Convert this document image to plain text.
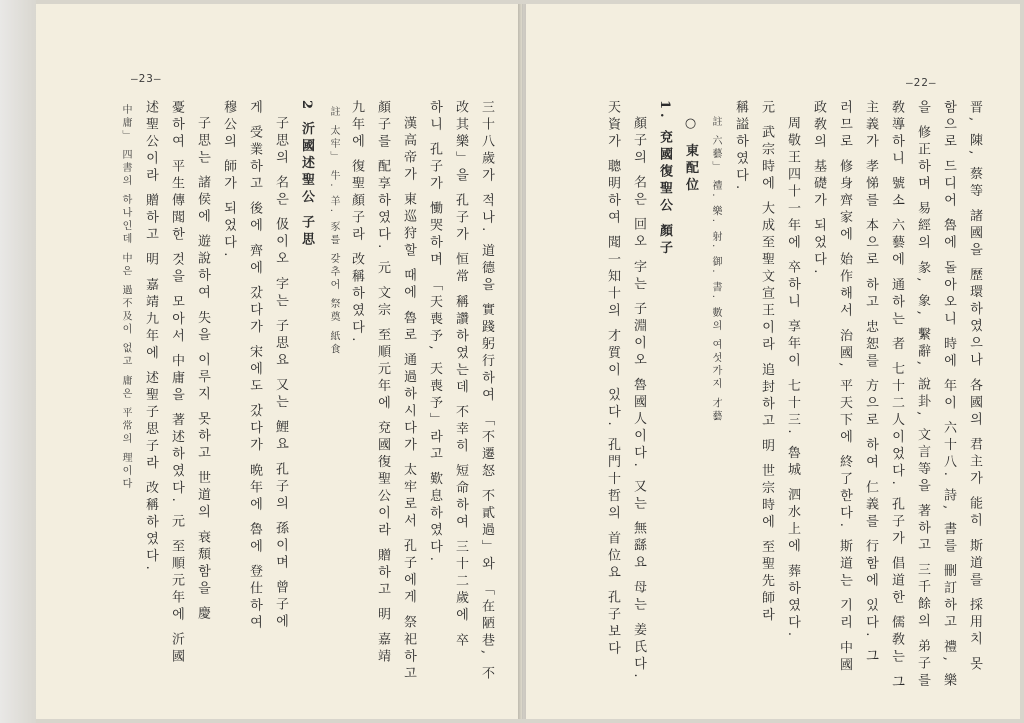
—23—
三十八歲가 적나. 道德을 實踐躬行하여 「不遷怒 不貳過」와 「在陋巷, 不
改其樂」을 孔子가 恒常 稱讚하였는데 不幸히 短命하여 三十二歲에 卒
하니 孔子가 慟哭하며 「天喪予, 天喪予」라고 歎息하였다.
漢高帝가 東巡狩할 때에 魯로 通過하시다가 太牢로서 孔子에게 祭祀하고
顏子를 配享하였다. 元 文宗 至順元年에 兗國復聖公이라 贈하고 明 嘉靖
九年에 復聖顏子라 改稱하였다.
註 太牢」 牛. 羊. 豕를 갖추어 祭奠 紙食
2 沂國述聖公 子思
子思의 名은 伋이오 字는 子思요 又는 鯉요 孔子의 孫이며 曾子에
게 受業하고 後에 齊에 갔다가 宋에도 갔다가 晩年에 魯에 登仕하여
穆公의 師가 되었다.
子思는 諸侯에 遊說하여 失을 이루지 못하고 世道의 衰頹함을 慶
憂하여 平生傳聞한 것을 모아서 中庸을 著述하였다. 元 至順元年에 沂國
述聖公이라 贈하고 明 嘉靖九年에 述聖子思子라 改稱하였다.
中庸」 四書의 하나인데 中은 過不及이 없고 庸은 平常의 理이다
—22—
晋, 陳, 蔡等 諸國을 歷環하였으나 各國의 君主가 能히 斯道를 採用치 못
함으로 드디어 魯에 돌아오니 時에 年이 六十八. 詩, 書를 刪訂하고 禮, 樂
을 修正하며 易經의 彖, 象, 繫辭, 說卦, 文言等을 著하고 三千餘의 弟子를
敎導하니 號소 六藝에 通하는 者 七十二人이었다. 孔子가 倡道한 儒敎는 그
主義가 孝悌를 本으로 하고 忠恕를 方으로 하여 仁義를 行함에 있다. 그
러므로 修身齊家에 始作해서 治國, 平天下에 終了한다. 斯道는 기리 中國
政敎의 基礎가 되었다.
周敬王四十一年에 卒하니 享年이 七十三. 魯城 泗水上에 葬하였다.
元 武宗時에 大成至聖文宣王이라 追封하고 明 世宗時에 至聖先師라
稱謚하였다.
註 六藝」 禮. 樂. 射. 御. 書. 數의 여섯가지 才藝
○ 東配位
1. 兗國復聖公 顏子
顏子의 名은 回오 字는 子淵이오 魯國人이다. 又는 無繇요 母는 姜氏다.
天資가 聰明하여 聞一知十의 才質이 있다. 孔門十哲의 首位요 孔子보다
